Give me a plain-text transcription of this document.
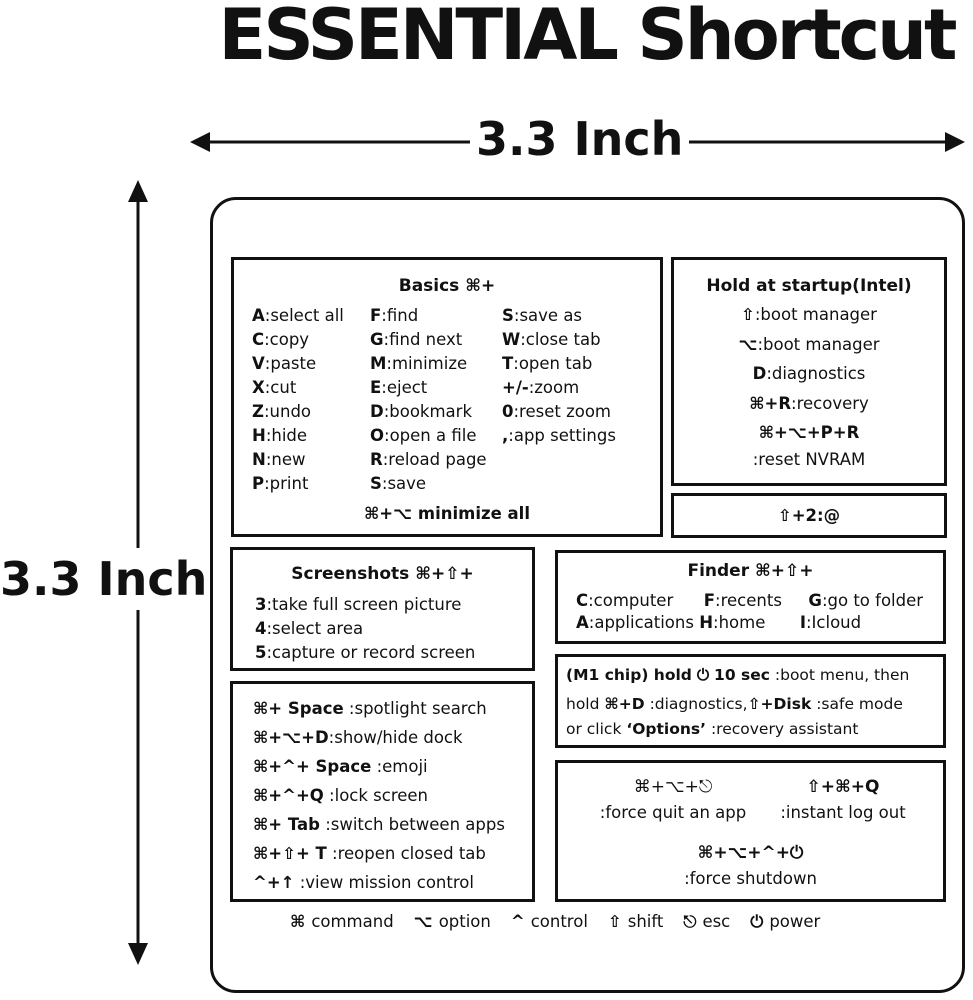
ESSENTIAL Shortcut
3.3 Inch
3.3 Inch
Basics ⌘+
A:select all
C:copy
V:paste
X:cut
Z:undo
H:hide
N:new
P:print
F:find
G:find next
M:minimize
E:eject
D:bookmark
O:open a file
R:reload page
S:save
S:save as
W:close tab
T:open tab
+/-:zoom
0:reset zoom
,:app settings
⌘+⌥ minimize all
Hold at startup(Intel)
⇧:boot manager
⌥:boot manager
D:diagnostics
⌘+R:recovery
⌘+⌥+P+R
:reset NVRAM
⇧+2:@
Screenshots ⌘+⇧+
3:take full screen picture
4:select area
5:capture or record screen
Finder ⌘+⇧+
C:computer F:recents G:go to folder
A:applications H:home I:Icloud
(M1 chip) hold ⏻ 10 sec :boot menu, then
hold ⌘+D :diagnostics,⇧+Disk :safe mode
or click ‘Options’ :recovery assistant
⌘+ Space :spotlight search
⌘+⌥+D:show/hide dock
⌘+^+ Space :emoji
⌘+^+Q :lock screen
⌘+ Tab :switch between apps
⌘+⇧+ T :reopen closed tab
^+↑ :view mission control
⌘+⌥+⎋
:force quit an app
⇧+⌘+Q
:instant log out
⌘+⌥+^+⏻
:force shutdown
⌘ command ⌥ option ^ control ⇧ shift ⎋ esc ⏻ power
